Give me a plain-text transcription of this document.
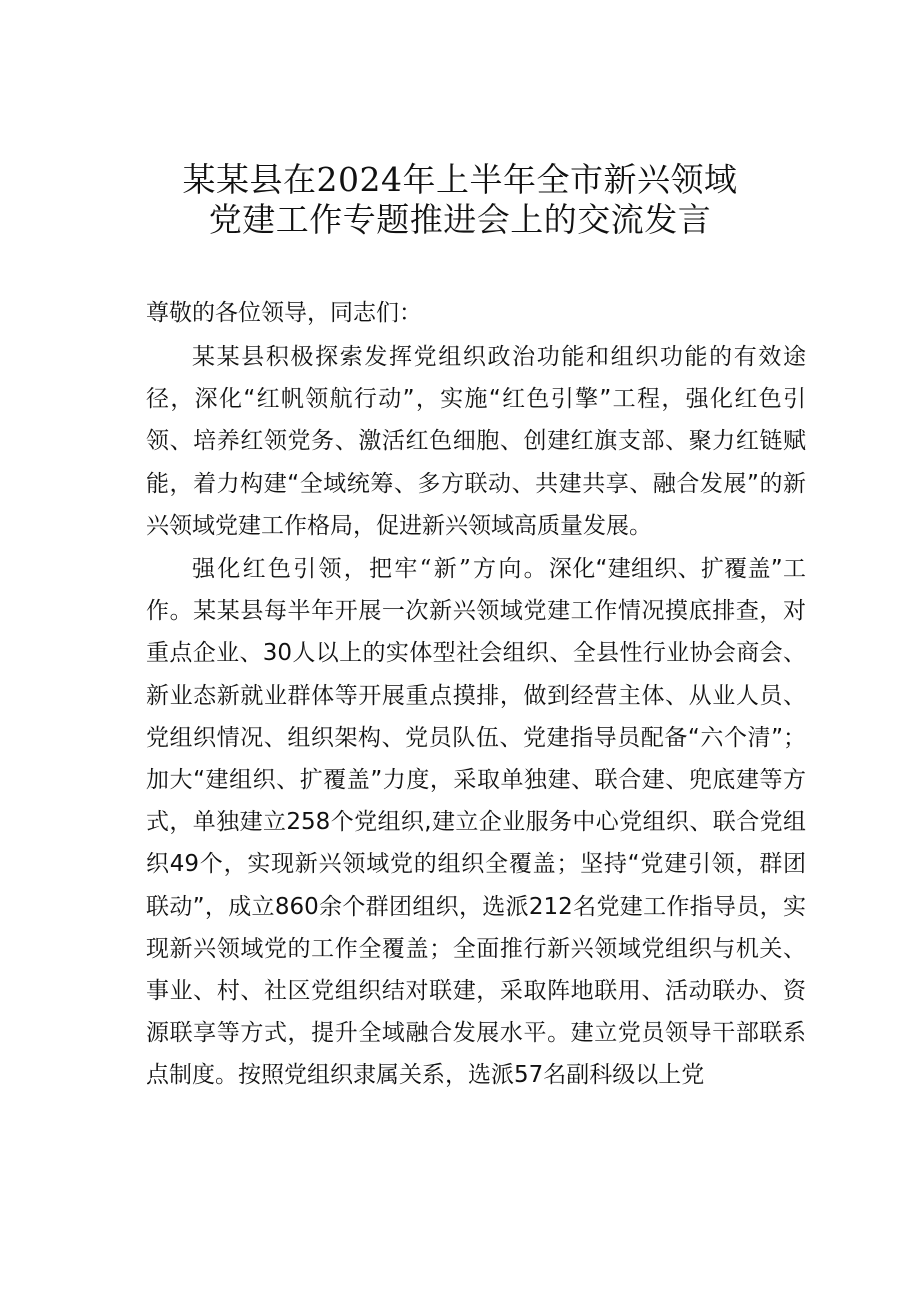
某某县在2024年上半年全市新兴领域
党建工作专题推进会上的交流发言

尊敬的各位领导，同志们：

某某县积极探索发挥党组织政治功能和组织功能的有效途径，深化“红帆领航行动”，实施“红色引擎”工程，强化红色引领、培养红领党务、激活红色细胞、创建红旗支部、聚力红链赋能，着力构建“全域统筹、多方联动、共建共享、融合发展”的新兴领域党建工作格局，促进新兴领域高质量发展。

强化红色引领，把牢“新”方向。深化“建组织、扩覆盖”工作。某某县每半年开展一次新兴领域党建工作情况摸底排查，对重点企业、30人以上的实体型社会组织、全县性行业协会商会、新业态新就业群体等开展重点摸排，做到经营主体、从业人员、党组织情况、组织架构、党员队伍、党建指导员配备“六个清”；加大“建组织、扩覆盖”力度，采取单独建、联合建、兜底建等方式，单独建立258个党组织,建立企业服务中心党组织、联合党组织49个，实现新兴领域党的组织全覆盖；坚持“党建引领，群团联动”，成立860余个群团组织，选派212名党建工作指导员，实现新兴领域党的工作全覆盖；全面推行新兴领域党组织与机关、事业、村、社区党组织结对联建，采取阵地联用、活动联办、资源联享等方式，提升全域融合发展水平。建立党员领导干部联系点制度。按照党组织隶属关系，选派57名副科级以上党
